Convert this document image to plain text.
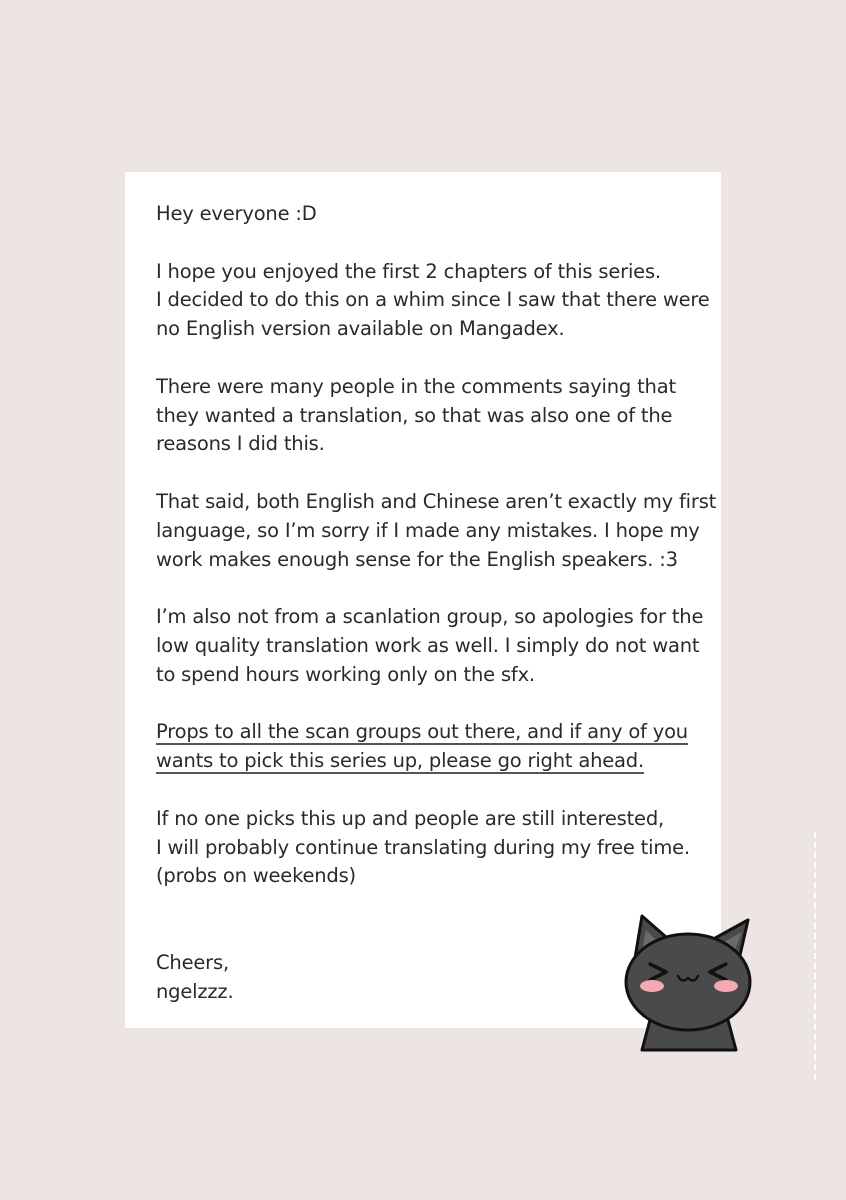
Hey everyone :D
I hope you enjoyed the first 2 chapters of this series.
I decided to do this on a whim since I saw that there were
no English version available on Mangadex.
There were many people in the comments saying that
they wanted a translation, so that was also one of the
reasons I did this.
That said, both English and Chinese aren’t exactly my first
language, so I’m sorry if I made any mistakes. I hope my
work makes enough sense for the English speakers. :3
I’m also not from a scanlation group, so apologies for the
low quality translation work as well. I simply do not want
to spend hours working only on the sfx.
Props to all the scan groups out there, and if any of you
wants to pick this series up, please go right ahead.
If no one picks this up and people are still interested,
I will probably continue translating during my free time.
(probs on weekends)
Cheers,
ngelzzz.
